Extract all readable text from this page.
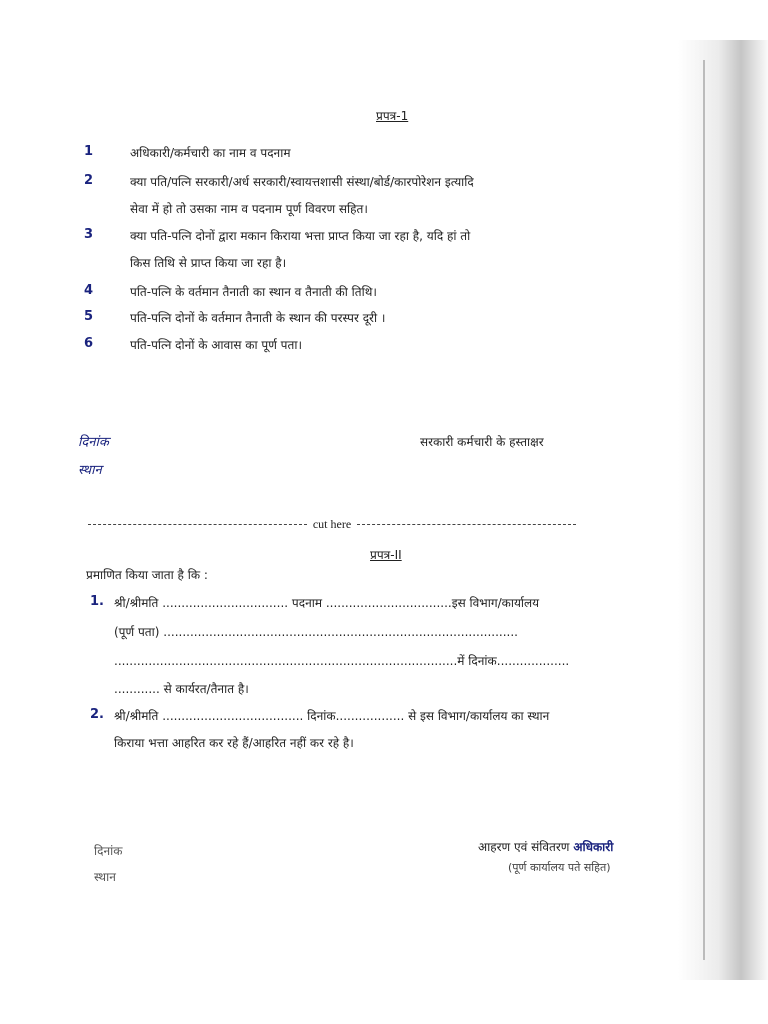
प्रपत्र-1
1	अधिकारी/कर्मचारी का नाम व पदनाम
2	क्या पति/पत्नि सरकारी/अर्ध सरकारी/स्वायत्तशासी संस्था/बोर्ड/कारपोरेशन इत्यादि
सेवा में हो तो उसका नाम व पदनाम पूर्ण विवरण सहित।
3	क्या पति-पत्नि दोनों द्वारा मकान किराया भत्ता प्राप्त किया जा रहा है, यदि हां तो
किस तिथि से प्राप्त किया जा रहा है।
4	पति-पत्नि के वर्तमान तैनाती का स्थान व तैनाती की तिथि।
5	पति-पत्नि दोनों के वर्तमान तैनाती के स्थान की परस्पर दूरी ।
6	पति-पत्नि दोनों के आवास का पूर्ण पता।
दिनांक
स्थान
सरकारी कर्मचारी के हस्ताक्षर
cut here
प्रपत्र-II
प्रमाणित किया जाता है कि :
1. श्री/श्रीमति ................................. पदनाम .................................इस विभाग/कार्यालय
(पूर्ण पता) .............................................................................................
..........................................................................................में दिनांक...................
............ से कार्यरत/तैनात है।
2. श्री/श्रीमति ..................................... दिनांक.................. से इस विभाग/कार्यालय का स्थान
किराया भत्ता आहरित कर रहे हैं/आहरित नहीं कर रहे है।
दिनांक
स्थान
आहरण एवं संवितरण अधिकारी
(पूर्ण कार्यालय पते सहित)
